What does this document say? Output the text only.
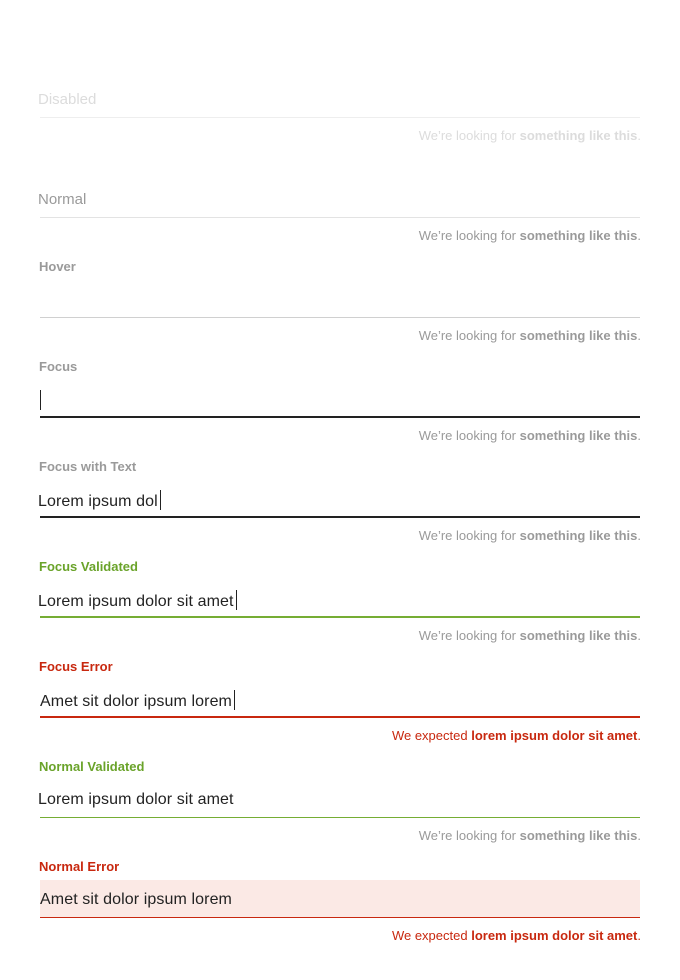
Disabled
We’re looking for something like this.
Normal
We’re looking for something like this.
Hover
We’re looking for something like this.
Focus
We’re looking for something like this.
Focus with Text
Lorem ipsum dol
We’re looking for something like this.
Focus Validated
Lorem ipsum dolor sit amet
We’re looking for something like this.
Focus Error
Amet sit dolor ipsum lorem
We expected lorem ipsum dolor sit amet.
Normal Validated
Lorem ipsum dolor sit amet
We’re looking for something like this.
Normal Error
Amet sit dolor ipsum lorem
We expected lorem ipsum dolor sit amet.
